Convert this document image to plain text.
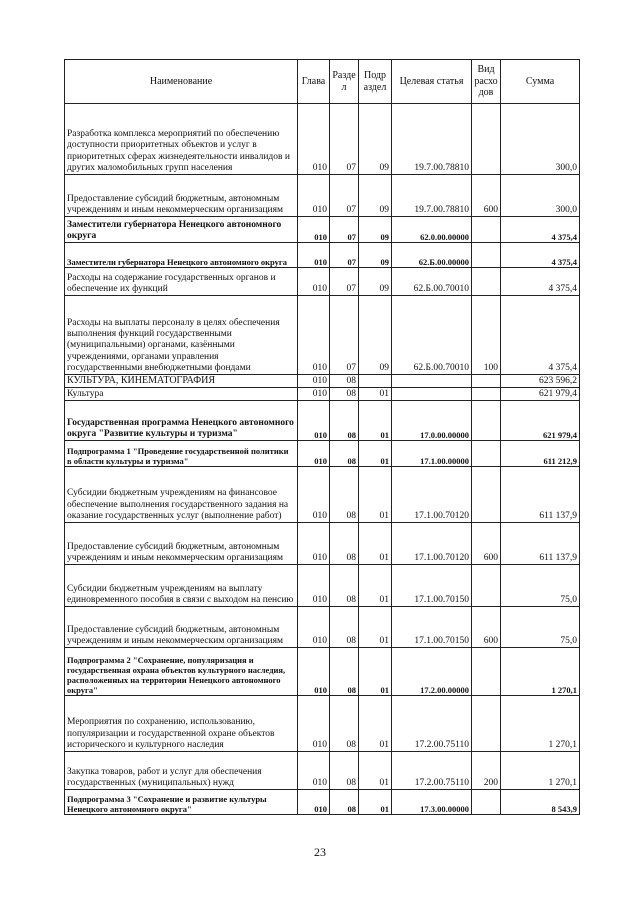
Наименование	Глава	Разде л	Подр аздел	Целевая статья	Вид расхо дов	Сумма
Разработка комплекса мероприятий по обеспечению доступности приоритетных объектов и услуг в приоритетных сферах жизнедеятельности инвалидов и других маломобильных групп населения	010	07	09	19.7.00.78810		300,0
Предоставление субсидий бюджетным, автономным учреждениям и иным некоммерческим организациям	010	07	09	19.7.00.78810	600	300,0
Заместители губернатора Ненецкого автономного округа	010	07	09	62.0.00.00000		4 375,4
Заместители губернатора Ненецкого автономного округа	010	07	09	62.Б.00.00000		4 375,4
Расходы на содержание государственных органов и обеспечение их функций	010	07	09	62.Б.00.70010		4 375,4
Расходы на выплаты персоналу в целях обеспечения выполнения функций государственными (муниципальными) органами, казёнными учреждениями, органами управления государственными внебюджетными фондами	010	07	09	62.Б.00.70010	100	4 375,4
КУЛЬТУРА, КИНЕМАТОГРАФИЯ	010	08				623 596,2
Культура	010	08	01			621 979,4
Государственная программа Ненецкого автономного округа "Развитие культуры и туризма"	010	08	01	17.0.00.00000		621 979,4
Подпрограмма 1 "Проведение государственной политики в области культуры и туризма"	010	08	01	17.1.00.00000		611 212,9
Субсидии бюджетным учреждениям на финансовое обеспечение выполнения государственного задания на оказание государственных услуг (выполнение работ)	010	08	01	17.1.00.70120		611 137,9
Предоставление субсидий бюджетным, автономным учреждениям и иным некоммерческим организациям	010	08	01	17.1.00.70120	600	611 137,9
Субсидии бюджетным учреждениям на выплату единовременного пособия в связи с выходом на пенсию	010	08	01	17.1.00.70150		75,0
Предоставление субсидий бюджетным, автономным учреждениям и иным некоммерческим организациям	010	08	01	17.1.00.70150	600	75,0
Подпрограмма 2 "Сохранение, популяризация и государственная охрана объектов культурного наследия, расположенных на территории Ненецкого автономного округа"	010	08	01	17.2.00.00000		1 270,1
Мероприятия по сохранению, использованию, популяризации и государственной охране объектов исторического и культурного наследия	010	08	01	17.2.00.75110		1 270,1
Закупка товаров, работ и услуг для обеспечения государственных (муниципальных) нужд	010	08	01	17.2.00.75110	200	1 270,1
Подпрограмма 3 "Сохранение и развитие культуры Ненецкого автономного округа"	010	08	01	17.3.00.00000		8 543,9
23
